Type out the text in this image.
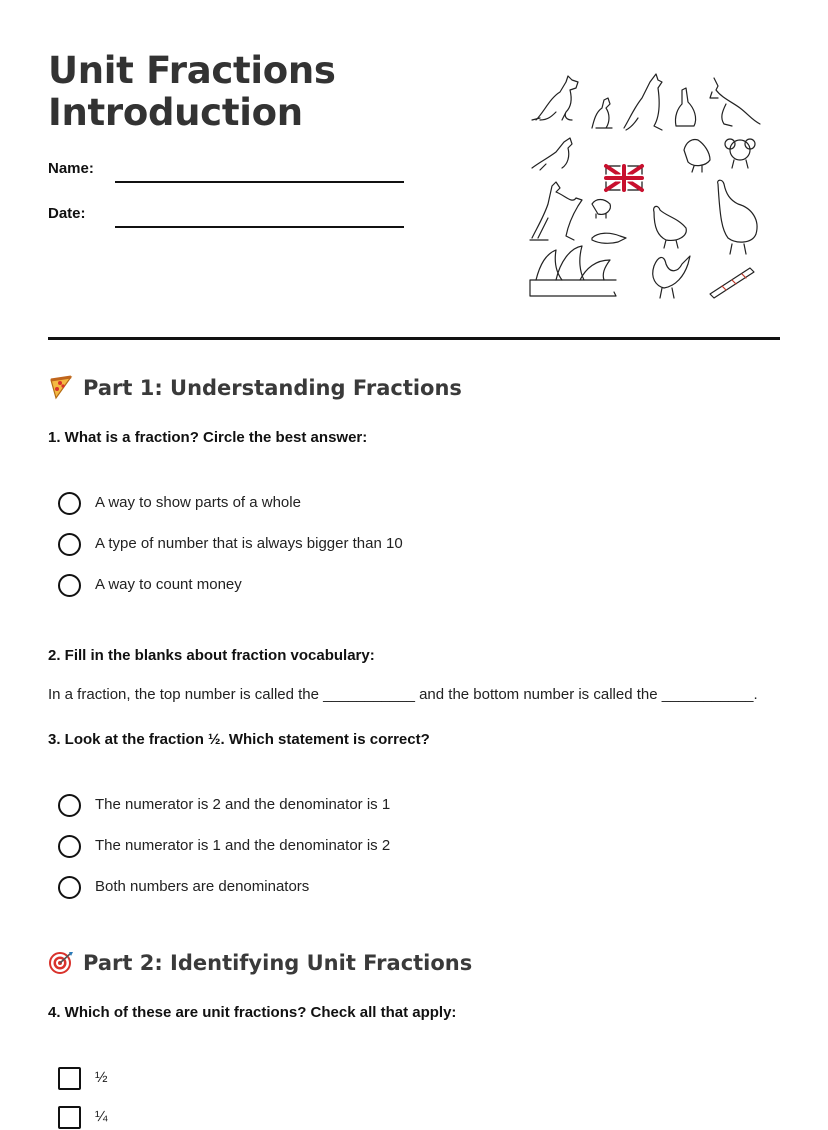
Unit Fractions
Introduction
Name:
Date:
Part 1: Understanding Fractions
1. What is a fraction? Circle the best answer:
A way to show parts of a whole
A type of number that is always bigger than 10
A way to count money
2. Fill in the blanks about fraction vocabulary:
In a fraction, the top number is called the ___________ and the bottom number is called the ___________.
3. Look at the fraction ½. Which statement is correct?
The numerator is 2 and the denominator is 1
The numerator is 1 and the denominator is 2
Both numbers are denominators
Part 2: Identifying Unit Fractions
4. Which of these are unit fractions? Check all that apply:
½
¼
